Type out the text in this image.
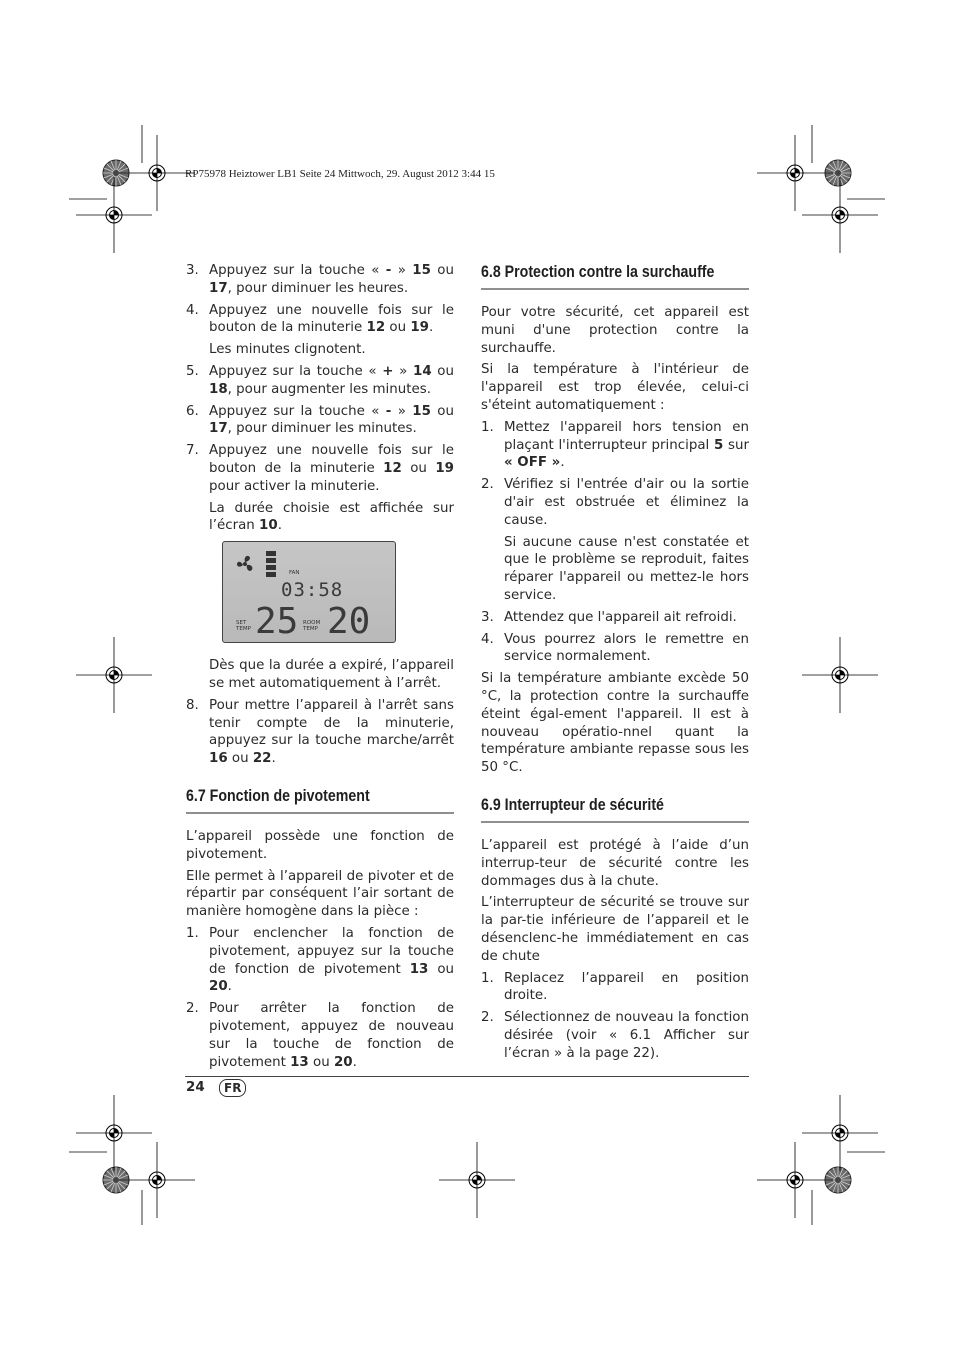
RP75978 Heiztower LB1 Seite 24 Mittwoch, 29. August 2012 3:44 15
3. Appuyez sur la touche « - » 15 ou 17, pour diminuer les heures.
4. Appuyez une nouvelle fois sur le bouton de la minuterie 12 ou 19.
Les minutes clignotent.
5. Appuyez sur la touche « + » 14 ou 18, pour augmenter les minutes.
6. Appuyez sur la touche « - » 15 ou 17, pour diminuer les minutes.
7. Appuyez une nouvelle fois sur le bouton de la minuterie 12 ou 19 pour activer la minuterie.
La durée choisie est affichée sur l’écran 10.
FAN
03:58
SET TEMP 25 ROOM TEMP 20
Dès que la durée a expiré, l’appareil se met automatiquement à l’arrêt.
8. Pour mettre l’appareil à l'arrêt sans tenir compte de la minuterie, appuyez sur la touche marche/arrêt 16 ou 22.
6.7 Fonction de pivotement

L’appareil possède une fonction de pivotement.

Elle permet à l’appareil de pivoter et de répartir par conséquent l’air sortant de manière homogène dans la pièce :

1. Pour enclencher la fonction de pivotement, appuyez sur la touche de fonction de pivotement 13 ou 20.
2. Pour arrêter la fonction de pivotement, appuyez de nouveau sur la touche de fonction de pivotement 13 ou 20.
6.8 Protection contre la surchauffe

Pour votre sécurité, cet appareil est muni d'une protection contre la surchauffe.

Si la température à l'intérieur de l'appareil est trop élevée, celui-ci s'éteint automatiquement :

1. Mettez l'appareil hors tension en plaçant l'interrupteur principal 5 sur « OFF ».
2. Vérifiez si l'entrée d'air ou la sortie d'air est obstruée et éliminez la cause.
Si aucune cause n'est constatée et que le problème se reproduit, faites réparer l'appareil ou mettez-le hors service.
3. Attendez que l'appareil ait refroidi.
4. Vous pourrez alors le remettre en service normalement.

Si la température ambiante excède 50 °C, la protection contre la surchauffe éteint égal-ement l'appareil. Il est à nouveau opératio-nnel quant la température ambiante repasse sous les 50 °C.

6.9 Interrupteur de sécurité

L’appareil est protégé à l’aide d’un interrup-teur de sécurité contre les dommages dus à la chute.

L’interrupteur de sécurité se trouve sur la par-tie inférieure de l’appareil et le désenclenc-he immédiatement en cas de chute

1. Replacez l’appareil en position droite.
2. Sélectionnez de nouveau la fonction désirée (voir « 6.1 Afficher sur l’écran » à la page 22).
24	FR
